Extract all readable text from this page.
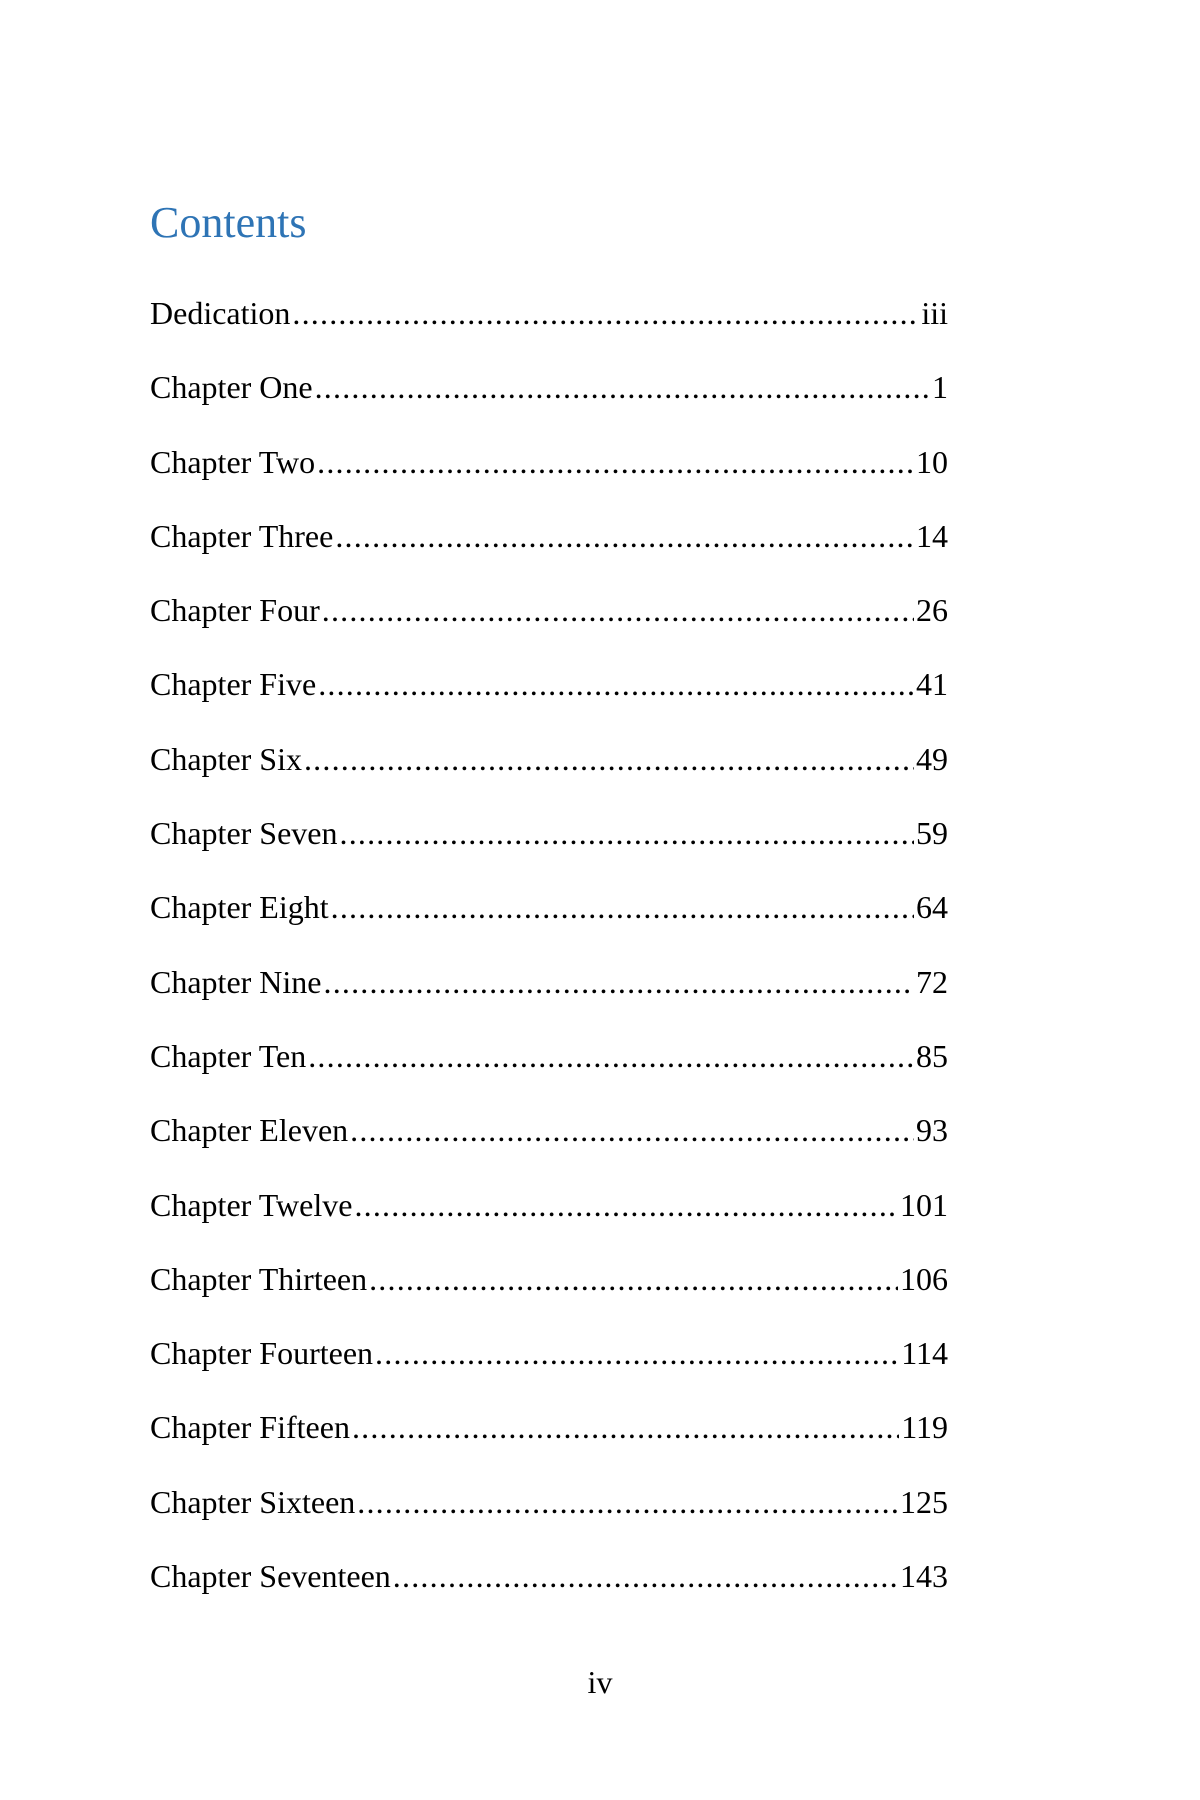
Contents
Dedication .....	iii
Chapter One .....	1
Chapter Two .....	10
Chapter Three .....	14
Chapter Four .....	26
Chapter Five .....	41
Chapter Six .....	49
Chapter Seven .....	59
Chapter Eight .....	64
Chapter Nine .....	72
Chapter Ten .....	85
Chapter Eleven .....	93
Chapter Twelve .....	101
Chapter Thirteen .....	106
Chapter Fourteen .....	114
Chapter Fifteen .....	119
Chapter Sixteen .....	125
Chapter Seventeen .....	143
iv
